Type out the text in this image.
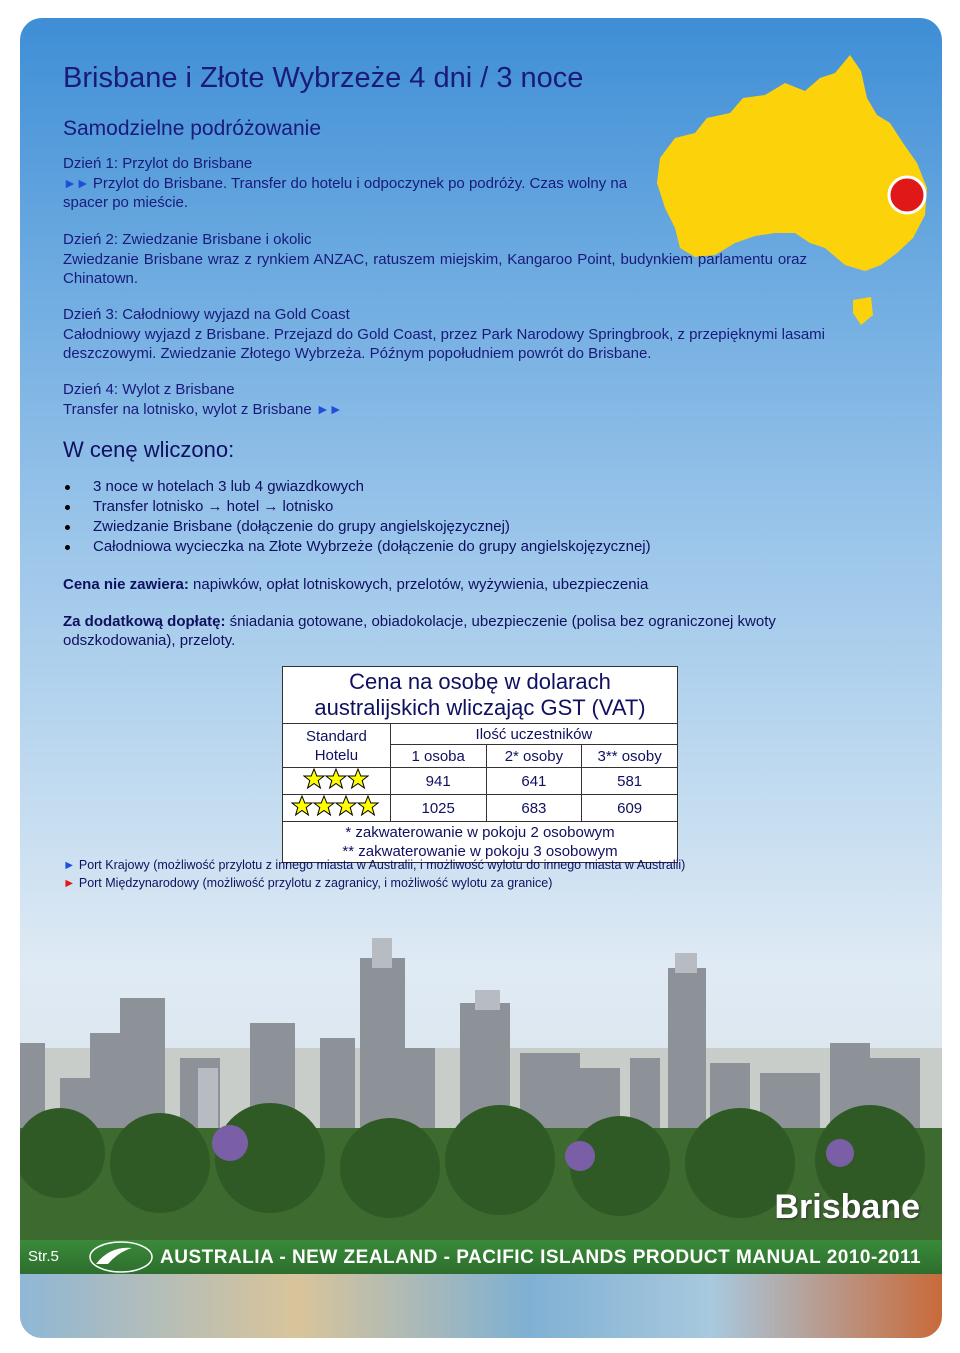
Brisbane i Złote Wybrzeże 4 dni / 3 noce
Samodzielne podróżowanie
Dzień 1: Przylot do Brisbane
►► Przylot do Brisbane. Transfer do hotelu i odpoczynek po podróży. Czas wolny na spacer po mieście.
Dzień 2: Zwiedzanie Brisbane i okolic
Zwiedzanie Brisbane wraz z rynkiem ANZAC, ratuszem miejskim, Kangaroo Point, budynkiem parlamentu oraz Chinatown.
Dzień 3: Całodniowy wyjazd na Gold Coast
Całodniowy wyjazd z Brisbane. Przejazd do Gold Coast, przez Park Narodowy Springbrook, z przepięknymi lasami deszczowymi. Zwiedzanie Złotego Wybrzeża. Późnym popołudniem powrót do Brisbane.
Dzień 4: Wylot z Brisbane
Transfer na lotnisko, wylot z Brisbane ►►
W cenę wliczono:
3 noce w hotelach 3 lub 4 gwiazdkowych
Transfer lotnisko → hotel → lotnisko
Zwiedzanie Brisbane (dołączenie do grupy angielskojęzycznej)
Całodniowa wycieczka na Złote Wybrzeże (dołączenie do grupy angielskojęzycznej)
Cena nie zawiera: napiwków, opłat lotniskowych, przelotów, wyżywienia, ubezpieczenia
Za dodatkową dopłatę: śniadania gotowane, obiadokolacje, ubezpieczenie (polisa bez ograniczonej kwoty odszkodowania), przeloty.
Cena na osobę w dolarach
australijskich wliczając GST (VAT)			

Standard
Hotelu	Ilość uczestników		
	1 osoba	2* osoby	3** osoby
	941	641	581
	1025	683	609

* zakwaterowanie w pokoju 2 osobowym
** zakwaterowanie w pokoju 3 osobowym			
► Port Krajowy (możliwość przylotu z innego miasta w Australii, i możliwość wylotu do innego miasta w Australii)
► Port Międzynarodowy (możliwość przylotu z zagranicy, i możliwość wylotu za granice)
Brisbane
Str.5	AUSTRALIA - NEW ZEALAND - PACIFIC ISLANDS PRODUCT MANUAL 2010-2011
